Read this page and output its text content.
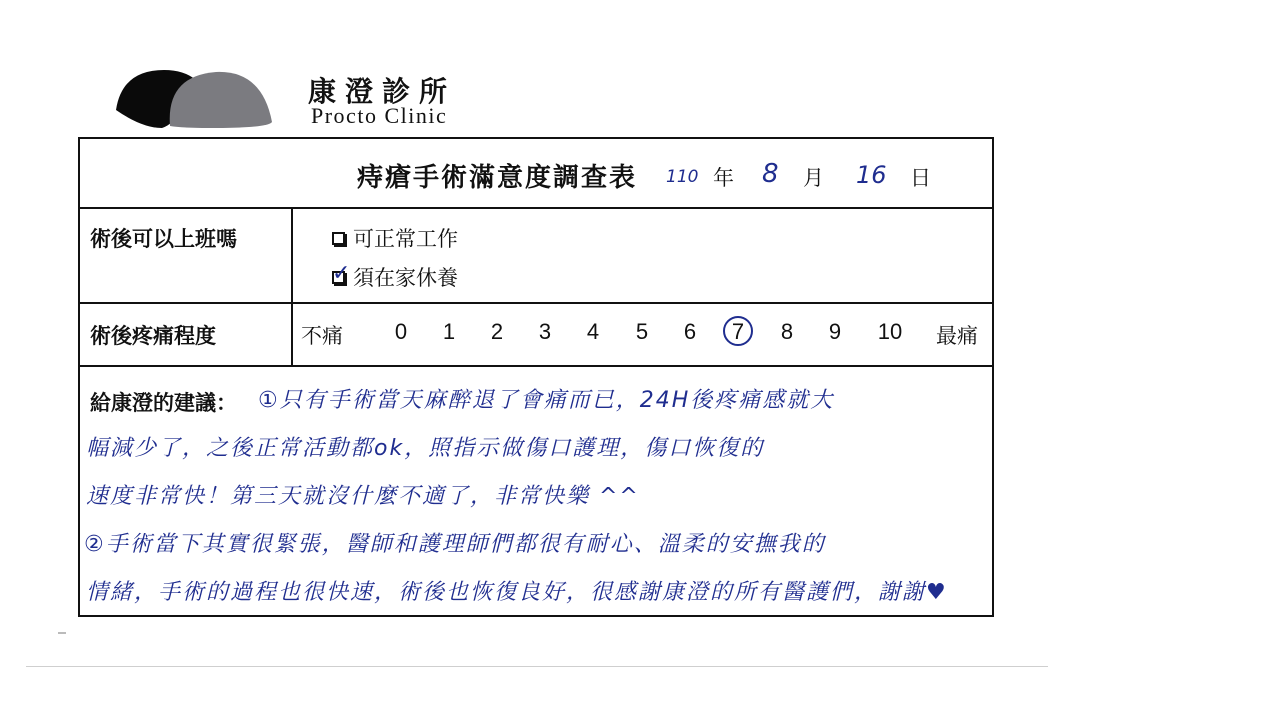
康澄診所
Procto Clinic
痔瘡手術滿意度調查表 110 年 8 月 16 日
術後可以上班嗎	可正常工作
✓ 須在家休養
術後疼痛程度	不痛	0	1	2	3	4	5	6	7	8	9	10 最痛
給康澄的建議： ①只有手術當天麻醉退了會痛而已，24H後疼痛感就大
幅減少了，之後正常活動都ok，照指示做傷口護理，傷口恢復的
速度非常快！第三天就沒什麼不適了，非常快樂 ^^
②手術當下其實很緊張，醫師和護理師們都很有耐心、溫柔的安撫我的
情緒，手術的過程也很快速，術後也恢復良好，很感謝康澄的所有醫護們，謝謝♥
